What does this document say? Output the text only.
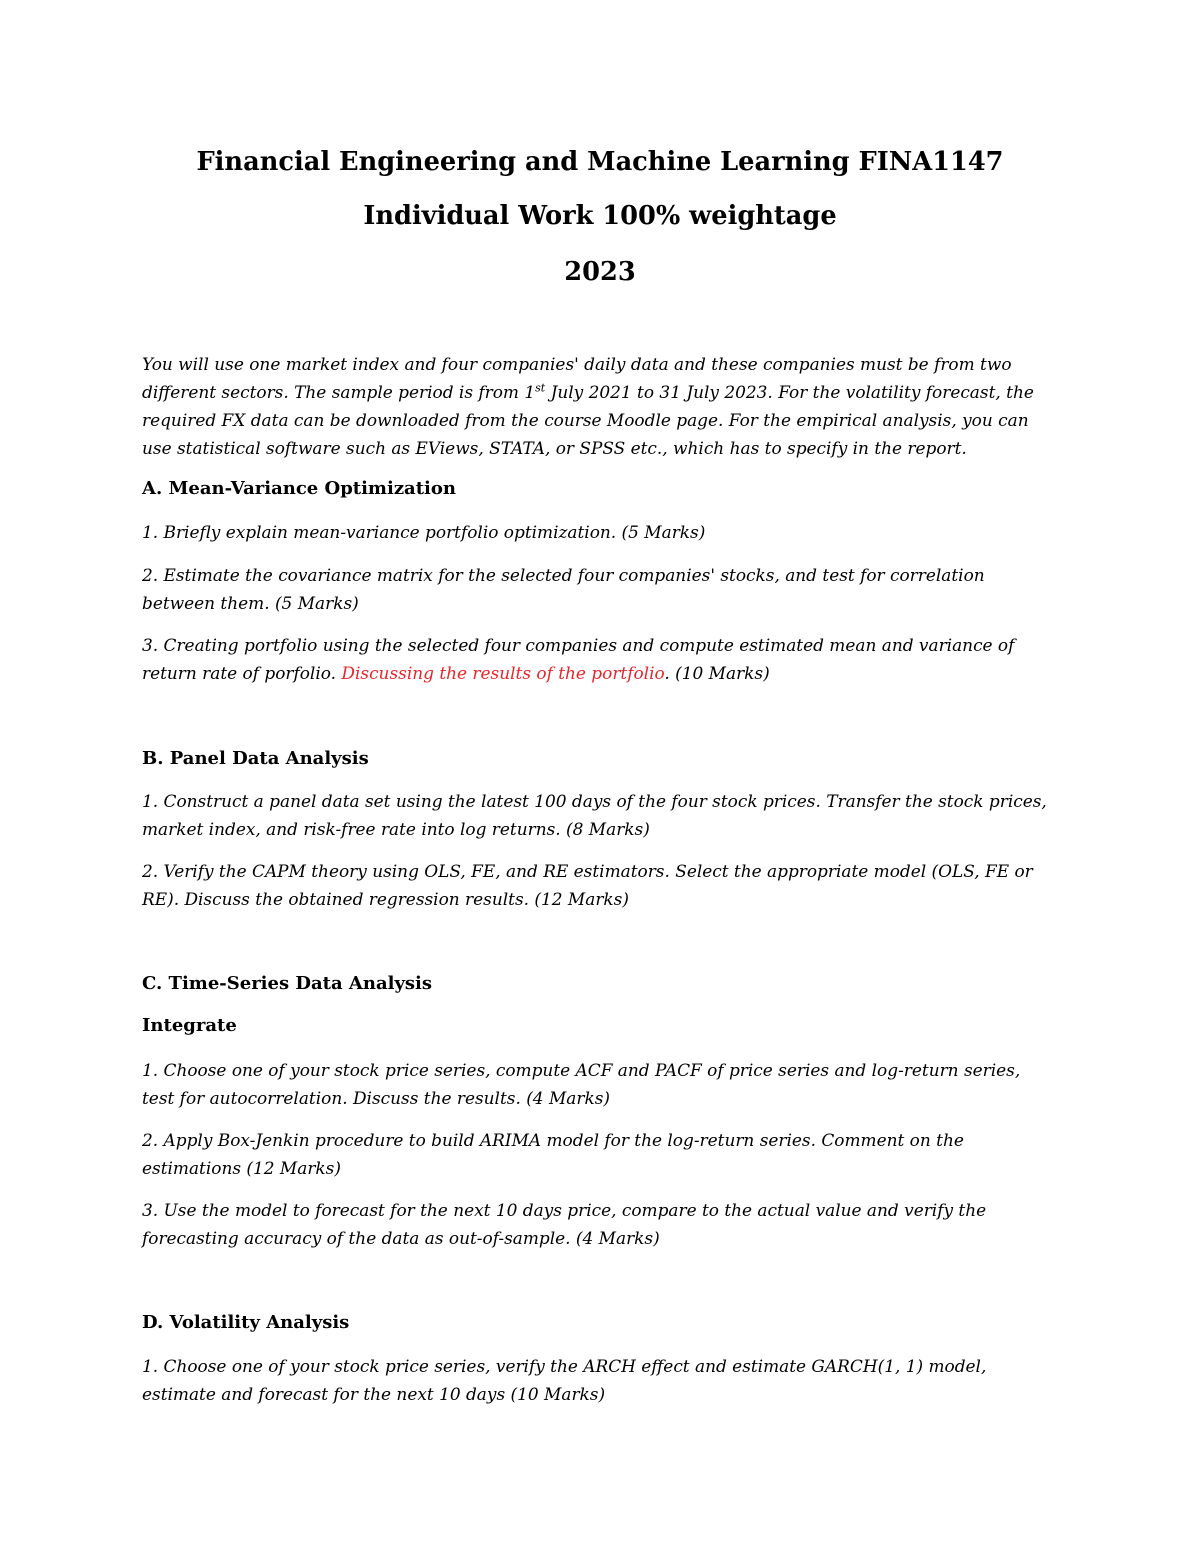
Financial Engineering and Machine Learning FINA1147
Individual Work 100% weightage
2023
You will use one market index and four companies' daily data and these companies must be from two
different sectors. The sample period is from 1st July 2021 to 31 July 2023. For the volatility forecast, the
required FX data can be downloaded from the course Moodle page. For the empirical analysis, you can
use statistical software such as EViews, STATA, or SPSS etc., which has to specify in the report.
A. Mean-Variance Optimization
1. Briefly explain mean-variance portfolio optimization. (5 Marks)
2. Estimate the covariance matrix for the selected four companies' stocks, and test for correlation
between them. (5 Marks)
3. Creating portfolio using the selected four companies and compute estimated mean and variance of
return rate of porfolio. Discussing the results of the portfolio. (10 Marks)
B. Panel Data Analysis
1. Construct a panel data set using the latest 100 days of the four stock prices. Transfer the stock prices,
market index, and risk-free rate into log returns. (8 Marks)
2. Verify the CAPM theory using OLS, FE, and RE estimators. Select the appropriate model (OLS, FE or
RE). Discuss the obtained regression results. (12 Marks)
C. Time-Series Data Analysis
Integrate
1. Choose one of your stock price series, compute ACF and PACF of price series and log-return series,
test for autocorrelation. Discuss the results. (4 Marks)
2. Apply Box-Jenkin procedure to build ARIMA model for the log-return series. Comment on the
estimations (12 Marks)
3. Use the model to forecast for the next 10 days price, compare to the actual value and verify the
forecasting accuracy of the data as out-of-sample. (4 Marks)
D. Volatility Analysis
1. Choose one of your stock price series, verify the ARCH effect and estimate GARCH(1, 1) model,
estimate and forecast for the next 10 days (10 Marks)
